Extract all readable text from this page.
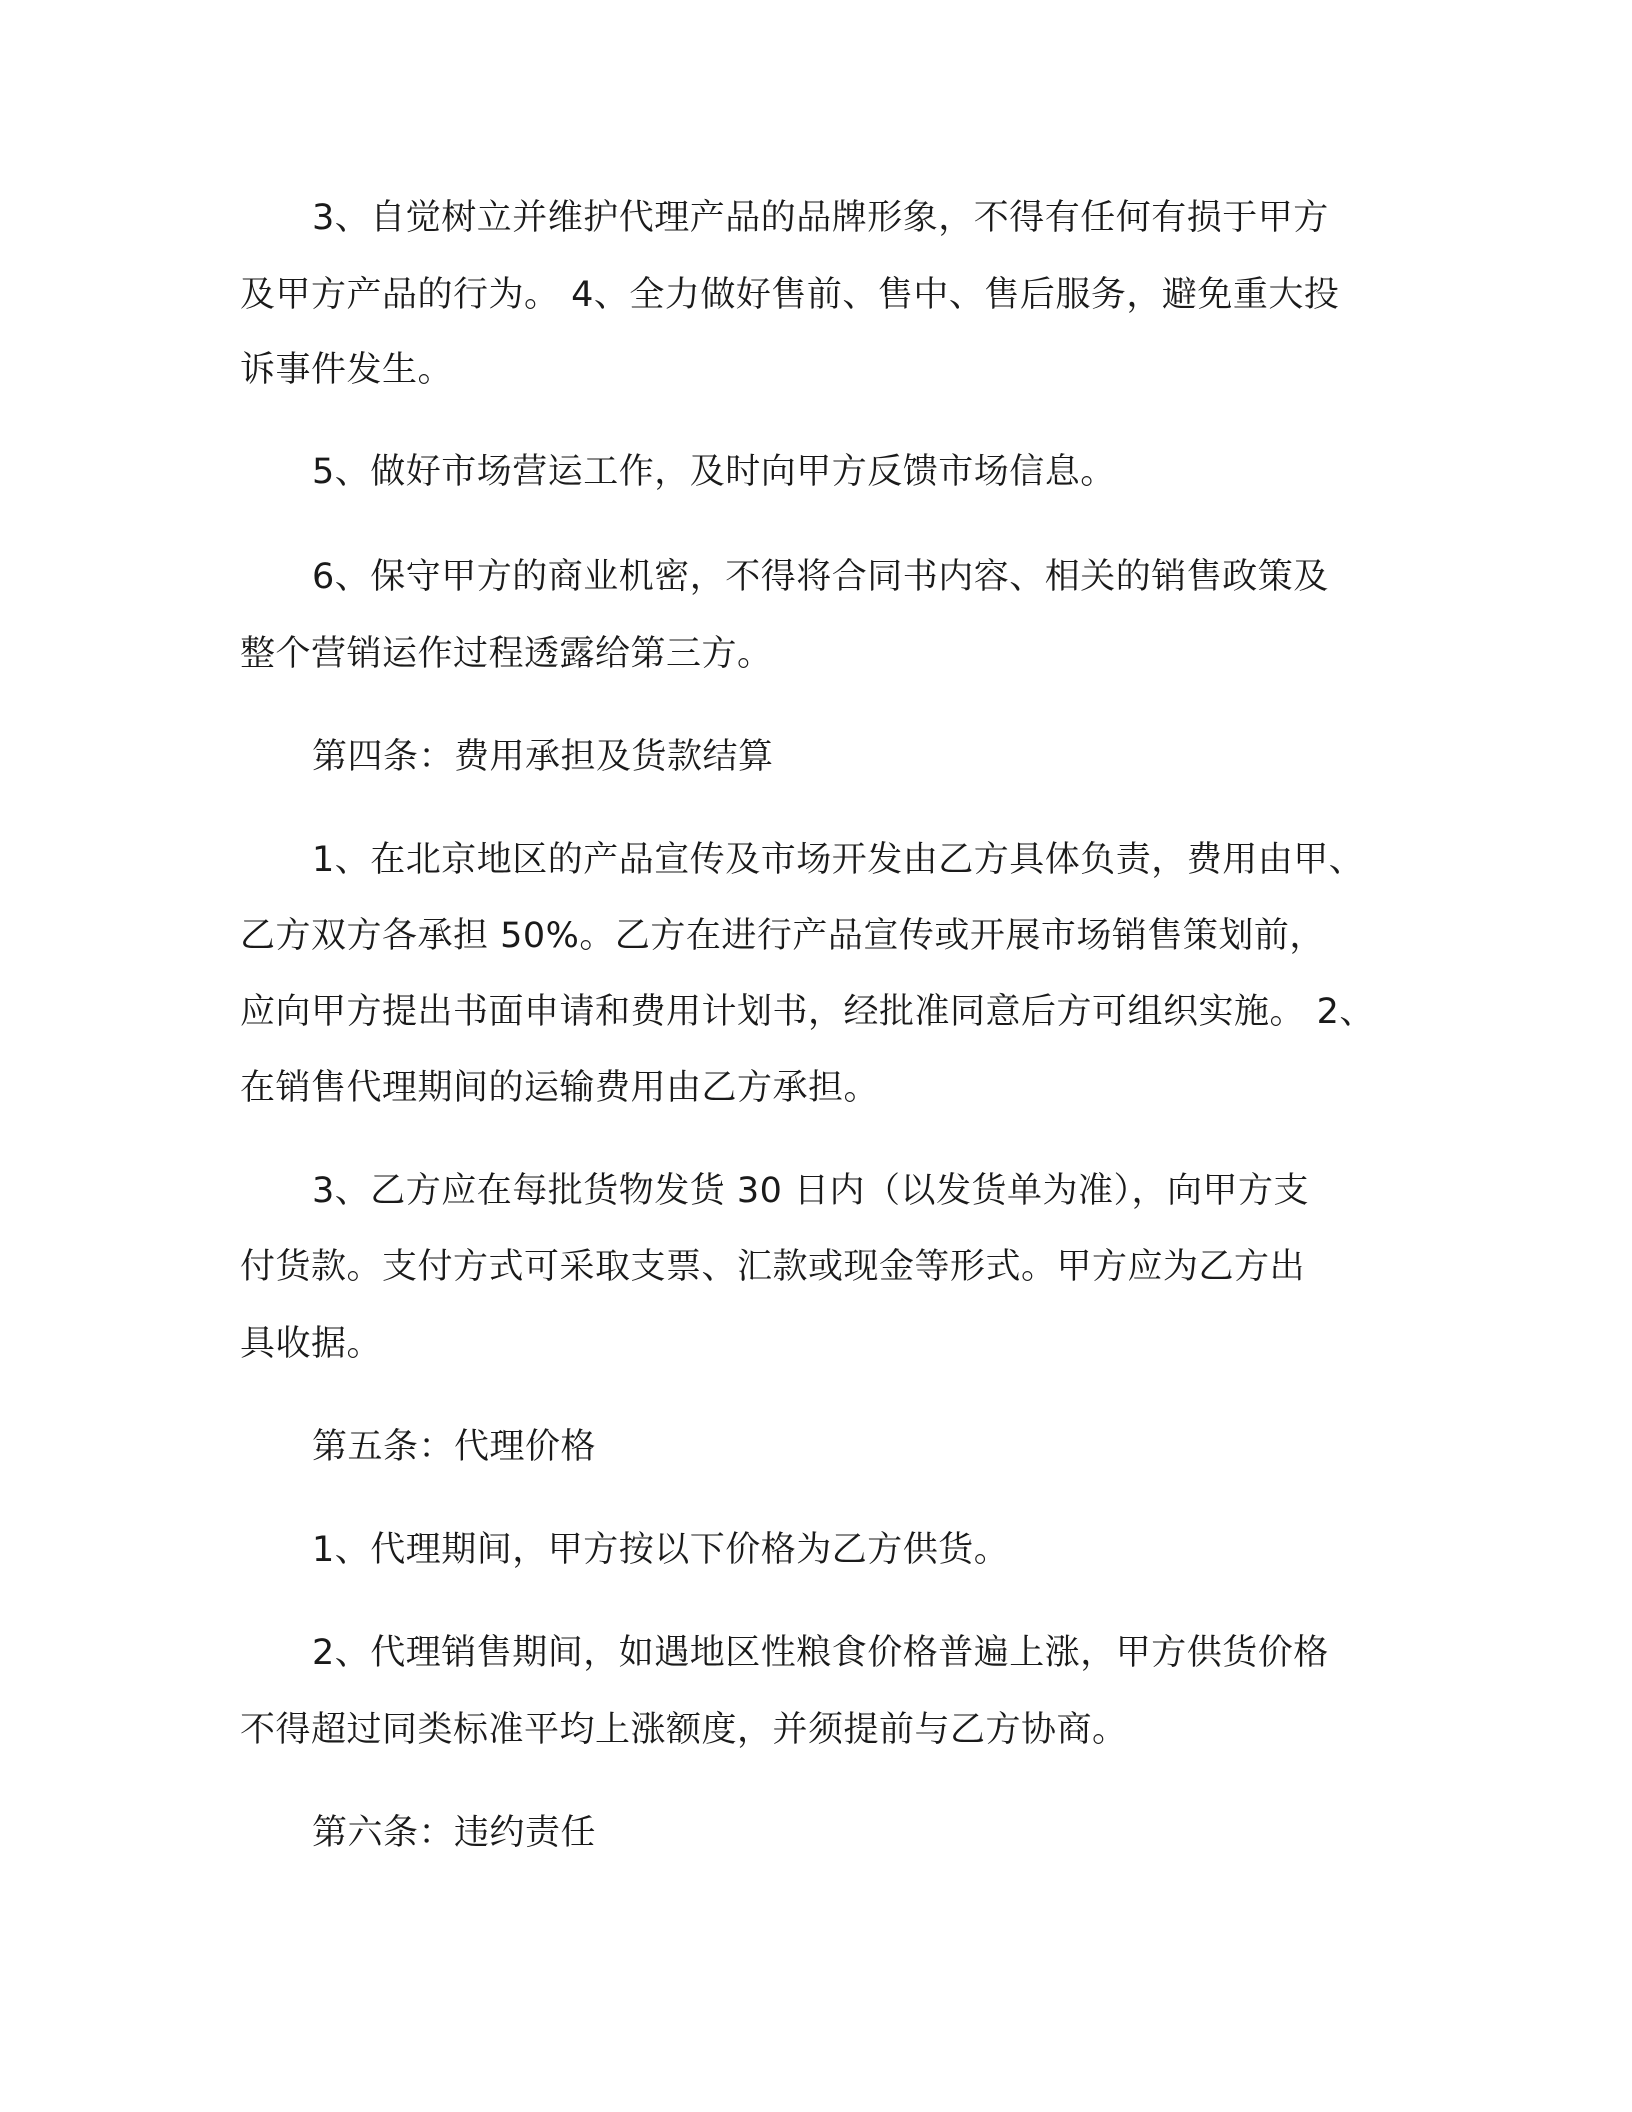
3、自觉树立并维护代理产品的品牌形象，不得有任何有损于甲方
及甲方产品的行为。 4、全力做好售前、售中、售后服务，避免重大投
诉事件发生。
5、做好市场营运工作，及时向甲方反馈市场信息。
6、保守甲方的商业机密，不得将合同书内容、相关的销售政策及
整个营销运作过程透露给第三方。
第四条：费用承担及货款结算
1、在北京地区的产品宣传及市场开发由乙方具体负责，费用由甲、
乙方双方各承担 50%。乙方在进行产品宣传或开展市场销售策划前，
应向甲方提出书面申请和费用计划书，经批准同意后方可组织实施。 2、
在销售代理期间的运输费用由乙方承担。
3、乙方应在每批货物发货 30 日内（以发货单为准），向甲方支
付货款。支付方式可采取支票、汇款或现金等形式。甲方应为乙方出
具收据。
第五条：代理价格
1、代理期间，甲方按以下价格为乙方供货。
2、代理销售期间，如遇地区性粮食价格普遍上涨，甲方供货价格
不得超过同类标准平均上涨额度，并须提前与乙方协商。
第六条：违约责任
